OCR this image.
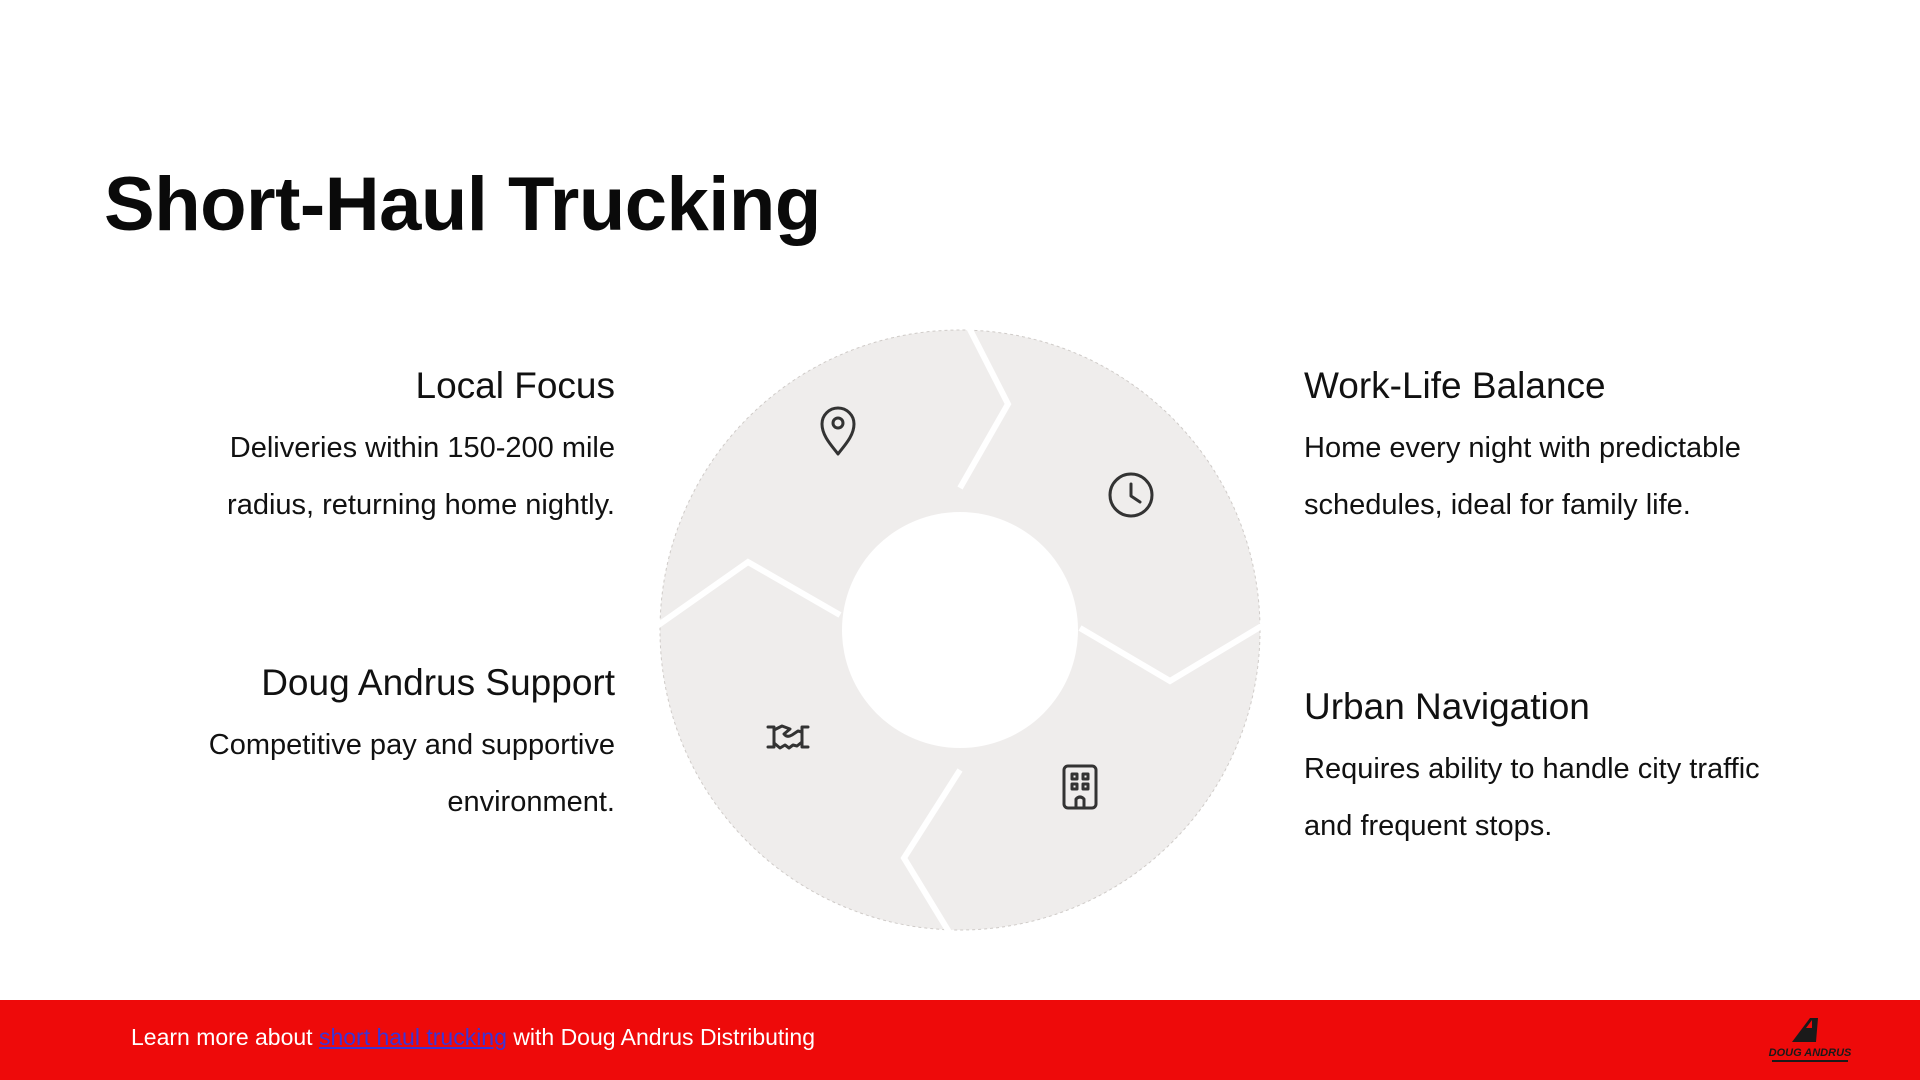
Short-Haul Trucking
Local Focus

Deliveries within 150-200 mile
radius, returning home nightly.

Doug Andrus Support

Competitive pay and supportive
environment.

Work-Life Balance

Home every night with predictable
schedules, ideal for family life.

Urban Navigation

Requires ability to handle city traffic
and frequent stops.

Learn more about short haul trucking with Doug Andrus Distributing
DOUG ANDRUS
